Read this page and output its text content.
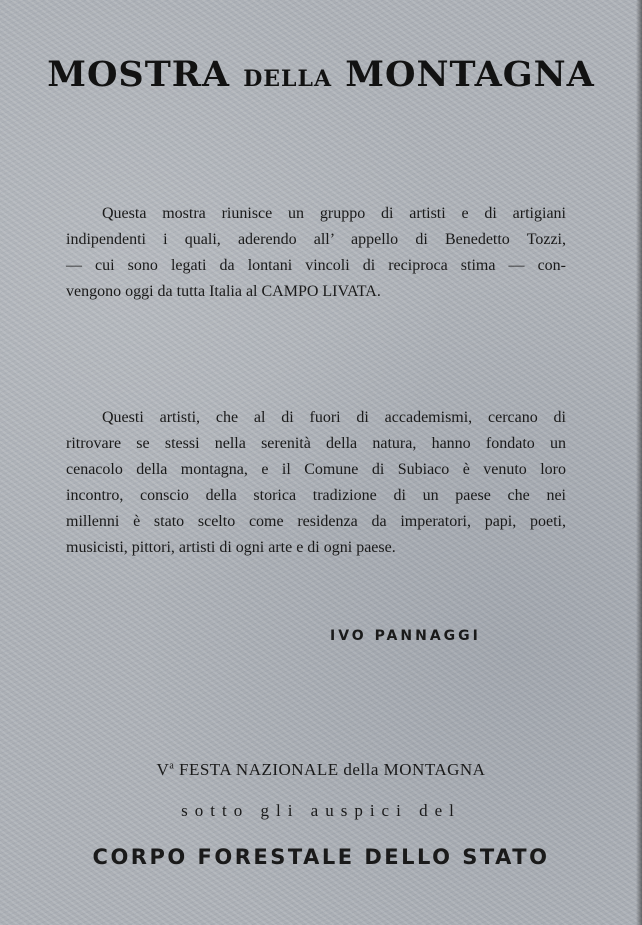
MOSTRA DELLA MONTAGNA
Questa mostra riunisce un gruppo di artisti e di artigiani
indipendenti i quali, aderendo all’ appello di Benedetto Tozzi,
— cui sono legati da lontani vincoli di reciproca stima — con-
vengono oggi da tutta Italia al CAMPO LIVATA.
Questi artisti, che al di fuori di accademismi, cercano di
ritrovare se stessi nella serenità della natura, hanno fondato un
cenacolo della montagna, e il Comune di Subiaco è venuto loro
incontro, conscio della storica tradizione di un paese che nei
millenni è stato scelto come residenza da imperatori, papi, poeti,
musicisti, pittori, artisti di ogni arte e di ogni paese.

IVO PANNAGGI

$V^a$ FESTA NAZIONALE della MONTAGNA

sotto gli auspici del

CORPO FORESTALE DELLO STATO
